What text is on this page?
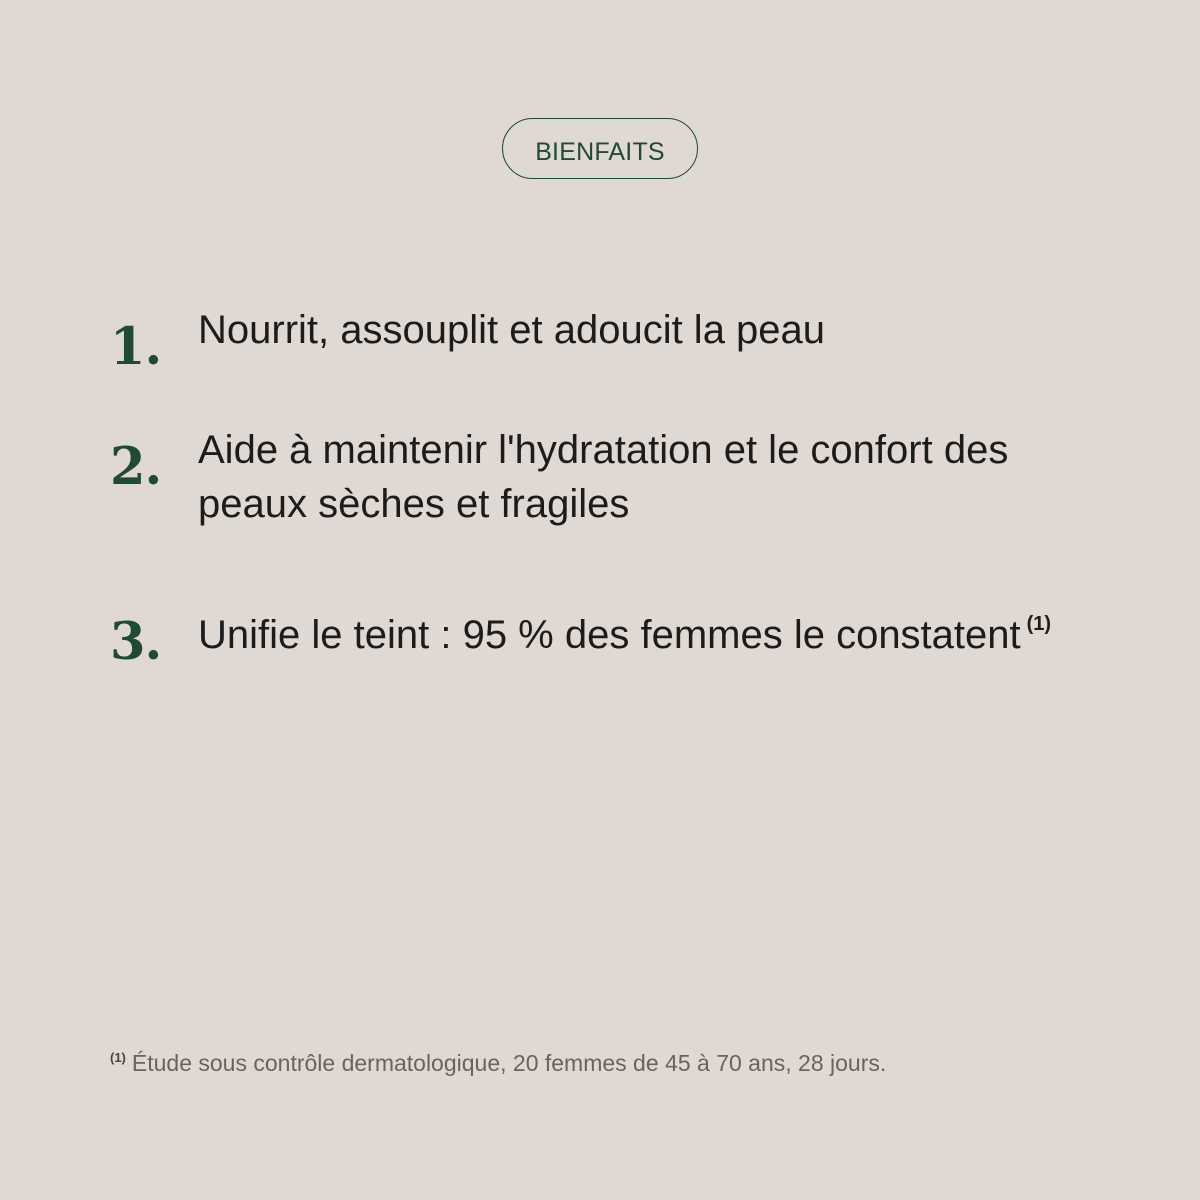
BIENFAITS
1. Nourrit, assouplit et adoucit la peau
2. Aide à maintenir l'hydratation et le confort des peaux sèches et fragiles
3. Unifie le teint : 95 % des femmes le constatent $^{(1)}$
$^{(1)}$ Étude sous contrôle dermatologique, 20 femmes de 45 à 70 ans, 28 jours.
